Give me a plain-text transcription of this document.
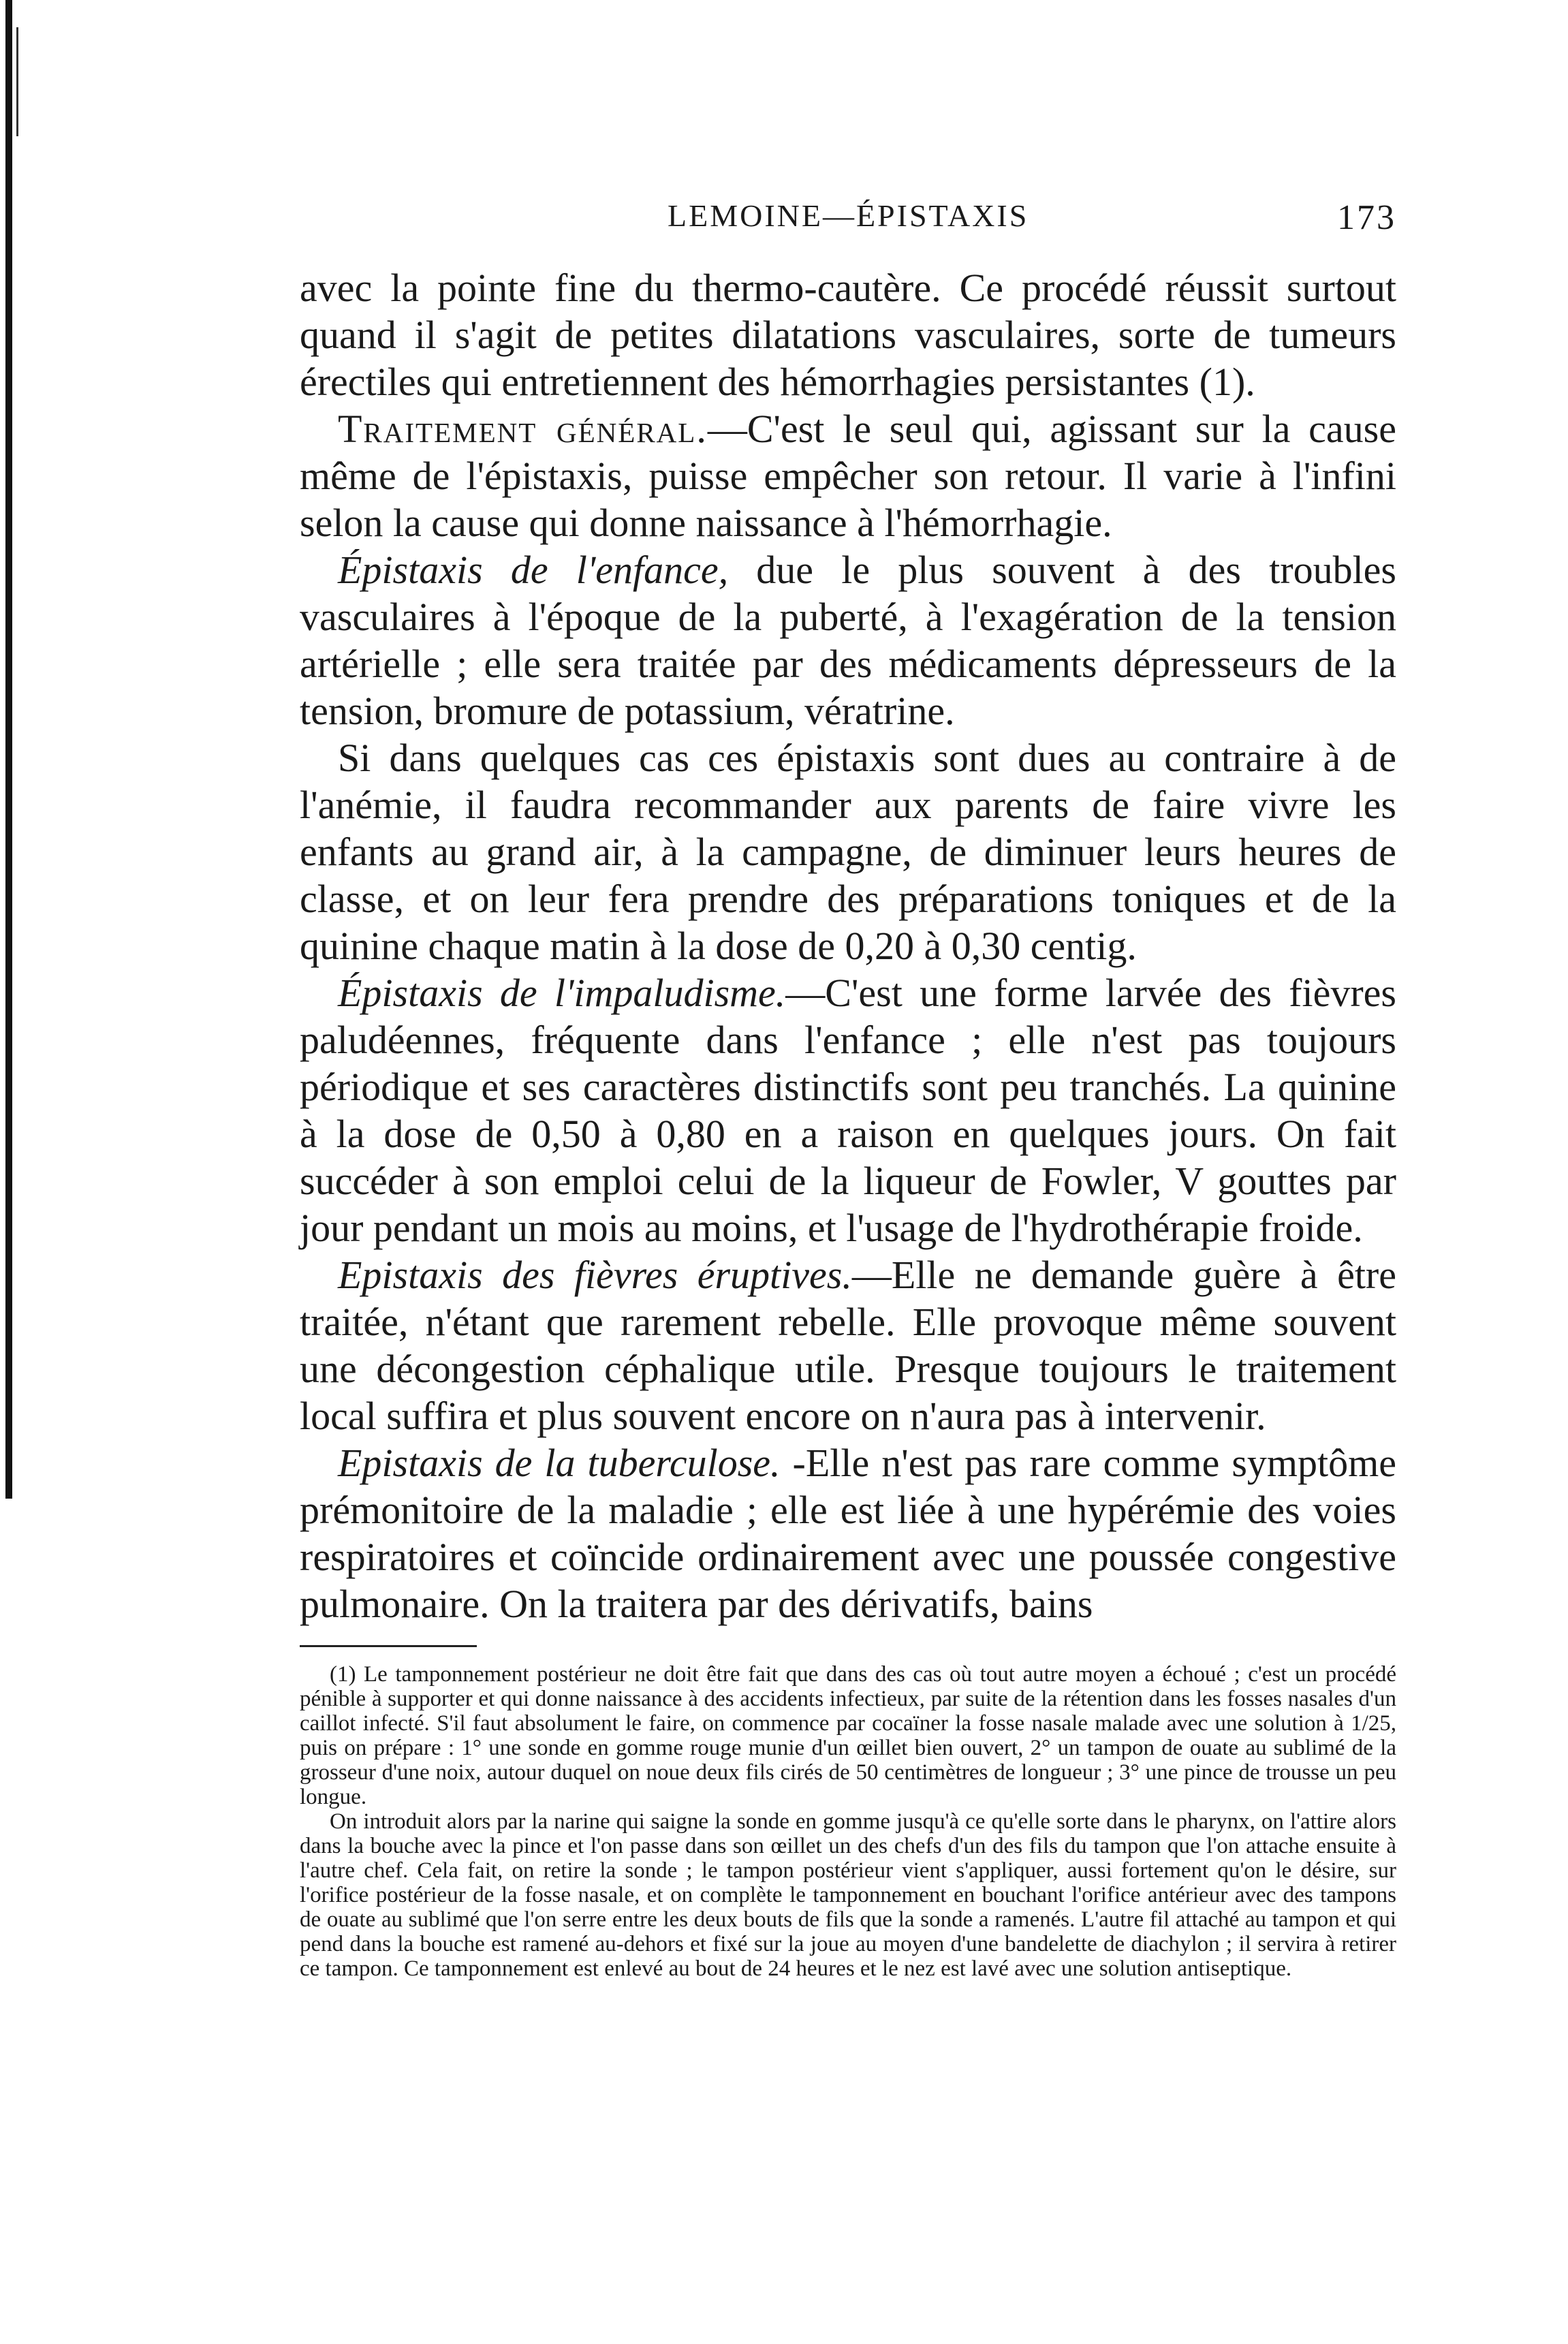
LEMOINE—ÉPISTAXIS	173

avec la pointe fine du thermo-cautère. Ce procédé réussit surtout quand il s'agit de petites dilatations vasculaires, sorte de tumeurs érectiles qui entretiennent des hémorrhagies persistantes (1).

Traitement général.—C'est le seul qui, agissant sur la cause même de l'épistaxis, puisse empêcher son retour. Il varie à l'infini selon la cause qui donne naissance à l'hémorrhagie.

Épistaxis de l'enfance, due le plus souvent à des troubles vasculaires à l'époque de la puberté, à l'exagération de la tension artérielle ; elle sera traitée par des médicaments dépresseurs de la tension, bromure de potassium, vératrine.

Si dans quelques cas ces épistaxis sont dues au contraire à de l'anémie, il faudra recommander aux parents de faire vivre les enfants au grand air, à la campagne, de diminuer leurs heures de classe, et on leur fera prendre des préparations toniques et de la quinine chaque matin à la dose de 0,20 à 0,30 centig.

Épistaxis de l'impaludisme.—C'est une forme larvée des fièvres paludéennes, fréquente dans l'enfance ; elle n'est pas toujours périodique et ses caractères distinctifs sont peu tranchés. La quinine à la dose de 0,50 à 0,80 en a raison en quelques jours. On fait succéder à son emploi celui de la liqueur de Fowler, V gouttes par jour pendant un mois au moins, et l'usage de l'hydrothérapie froide.

Epistaxis des fièvres éruptives.—Elle ne demande guère à être traitée, n'étant que rarement rebelle. Elle provoque même souvent une décongestion céphalique utile. Presque toujours le traitement local suffira et plus souvent encore on n'aura pas à intervenir.

Epistaxis de la tuberculose. -Elle n'est pas rare comme symptôme prémonitoire de la maladie ; elle est liée à une hypérémie des voies respiratoires et coïncide ordinairement avec une poussée congestive pulmonaire. On la traitera par des dérivatifs, bains

(1) Le tamponnement postérieur ne doit être fait que dans des cas où tout autre moyen a échoué ; c'est un procédé pénible à supporter et qui donne naissance à des accidents infectieux, par suite de la rétention dans les fosses nasales d'un caillot infecté. S'il faut absolument le faire, on commence par cocaïner la fosse nasale malade avec une solution à 1/25, puis on prépare : 1° une sonde en gomme rouge munie d'un œillet bien ouvert, 2° un tampon de ouate au sublimé de la grosseur d'une noix, autour duquel on noue deux fils cirés de 50 centimètres de longueur ; 3° une pince de trousse un peu longue.

On introduit alors par la narine qui saigne la sonde en gomme jusqu'à ce qu'elle sorte dans le pharynx, on l'attire alors dans la bouche avec la pince et l'on passe dans son œillet un des chefs d'un des fils du tampon que l'on attache ensuite à l'autre chef. Cela fait, on retire la sonde ; le tampon postérieur vient s'appliquer, aussi fortement qu'on le désire, sur l'orifice postérieur de la fosse nasale, et on complète le tamponnement en bouchant l'orifice antérieur avec des tampons de ouate au sublimé que l'on serre entre les deux bouts de fils que la sonde a ramenés. L'autre fil attaché au tampon et qui pend dans la bouche est ramené au-dehors et fixé sur la joue au moyen d'une bandelette de diachylon ; il servira à retirer ce tampon. Ce tamponnement est enlevé au bout de 24 heures et le nez est lavé avec une solution antiseptique.
